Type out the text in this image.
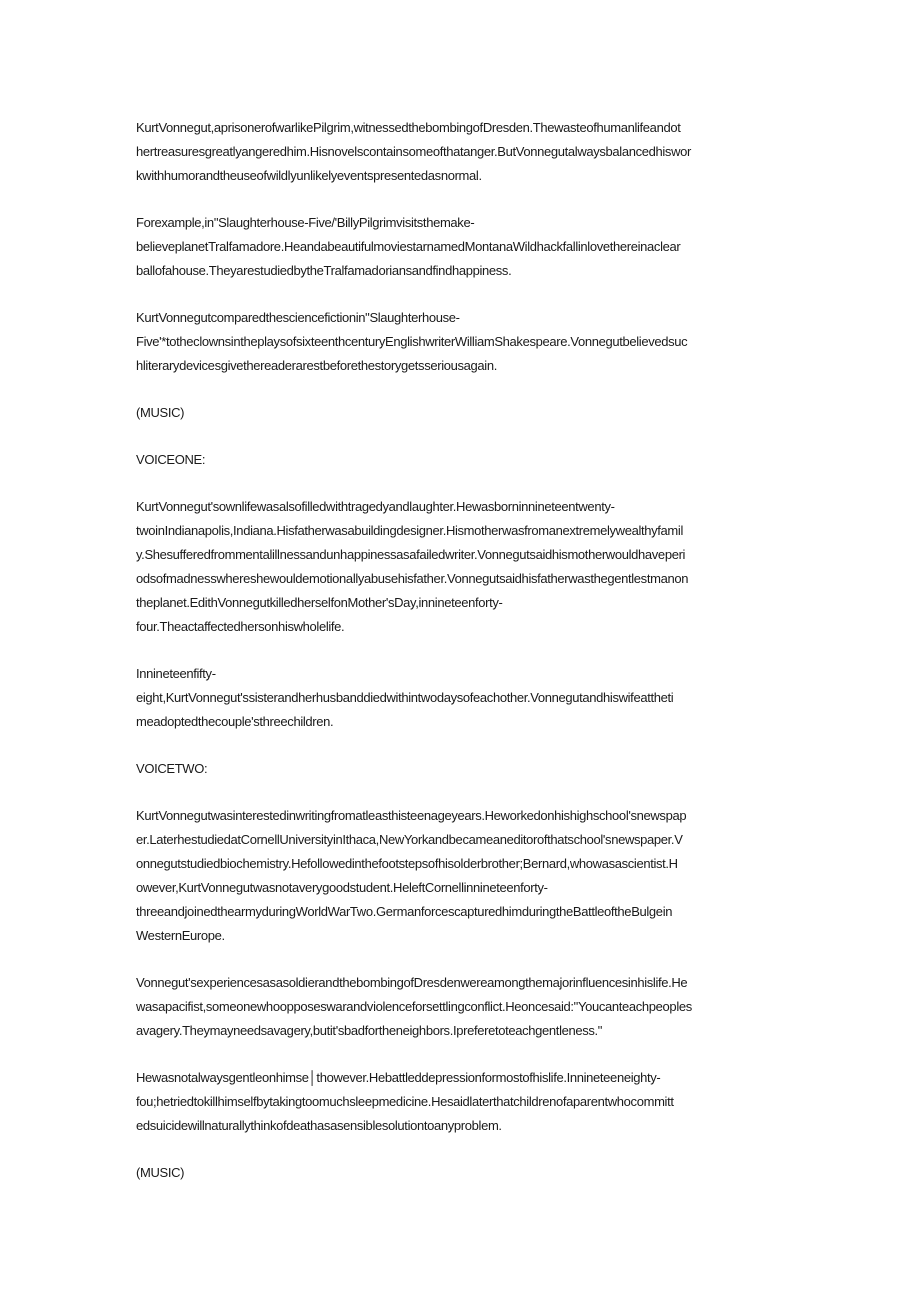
KurtVonnegut,aprisonerofwarlikePilgrim,witnessedthebombingofDresden.Thewasteofhumanlifeandot
hertreasuresgreatlyangeredhim.Hisnovelscontainsomeofthatanger.ButVonnegutalwaysbalancedhiswor
kwithhumorandtheuseofwildlyunlikelyeventspresentedasnormal.
Forexample,in"Slaughterhouse-Five/'BillyPilgrimvisitsthemake-
believeplanetTralfamadore.HeandabeautifulmoviestarnamedMontanaWildhackfallinlovethereinaclear
ballofahouse.TheyarestudiedbytheTralfamadoriansandfindhappiness.
KurtVonnegutcomparedthesciencefictionin"Slaughterhouse-
Five'*totheclownsintheplaysofsixteenthcenturyEnglishwriterWilliamShakespeare.Vonnegutbelievedsuc
hliterarydevicesgivethereaderarestbeforethestorygetsseriousagain.
(MUSIC)
VOICEONE:
KurtVonnegut'sownlifewasalsofilledwithtragedyandlaughter.Hewasborninnineteentwenty-
twoinIndianapolis,Indiana.Hisfatherwasabuildingdesigner.Hismotherwasfromanextremelywealthyfamil
y.Shesufferedfrommentalillnessandunhappinessasafailedwriter.Vonnegutsaidhismotherwouldhaveperi
odsofmadnesswhereshewouldemotionallyabusehisfather.Vonnegutsaidhisfatherwasthegentlestmanon
theplanet.EdithVonnegutkilledherselfonMother'sDay,innineteenforty-
four.Theactaffectedhersonhiswholelife.
Innineteenfifty-
eight,KurtVonnegut'ssisterandherhusbanddiedwithintwodaysofeachother.Vonnegutandhiswifeattheti
meadoptedthecouple'sthreechildren.
VOICETWO:
KurtVonnegutwasinterestedinwritingfromatleasthisteenageyears.Heworkedonhishighschool'snewspap
er.LaterhestudiedatCornellUniversityinIthaca,NewYorkandbecameaneditorofthatschool'snewspaper.V
onnegutstudiedbiochemistry.Hefollowedinthefootstepsofhisolderbrother;Bernard,whowasascientist.H
owever,KurtVonnegutwasnotaverygoodstudent.HeleftCornellinnineteenforty-
threeandjoinedthearmyduringWorldWarTwo.GermanforcescapturedhimduringtheBattleoftheBulgein
WesternEurope.
Vonnegut'sexperiencesasasoldierandthebombingofDresdenwereamongthemajorinfluencesinhislife.He
wasapacifist,someonewhoopposeswarandviolenceforsettlingconflict.Heoncesaid:"Youcanteachpeoples
avagery.Theymayneedsavagery,butit'sbadfortheneighbors.Ipreferetoteachgentleness."
Hewasnotalwaysgentleonhimse│thowever.Hebattleddepressionformostofhislife.Innineteeneighty-
fou;hetriedtokillhimselfbytakingtoomuchsleepmedicine.Hesaidlaterthatchildrenofaparentwhocommitt
edsuicidewillnaturallythinkofdeathasasensiblesolutiontoanyproblem.
(MUSIC)
